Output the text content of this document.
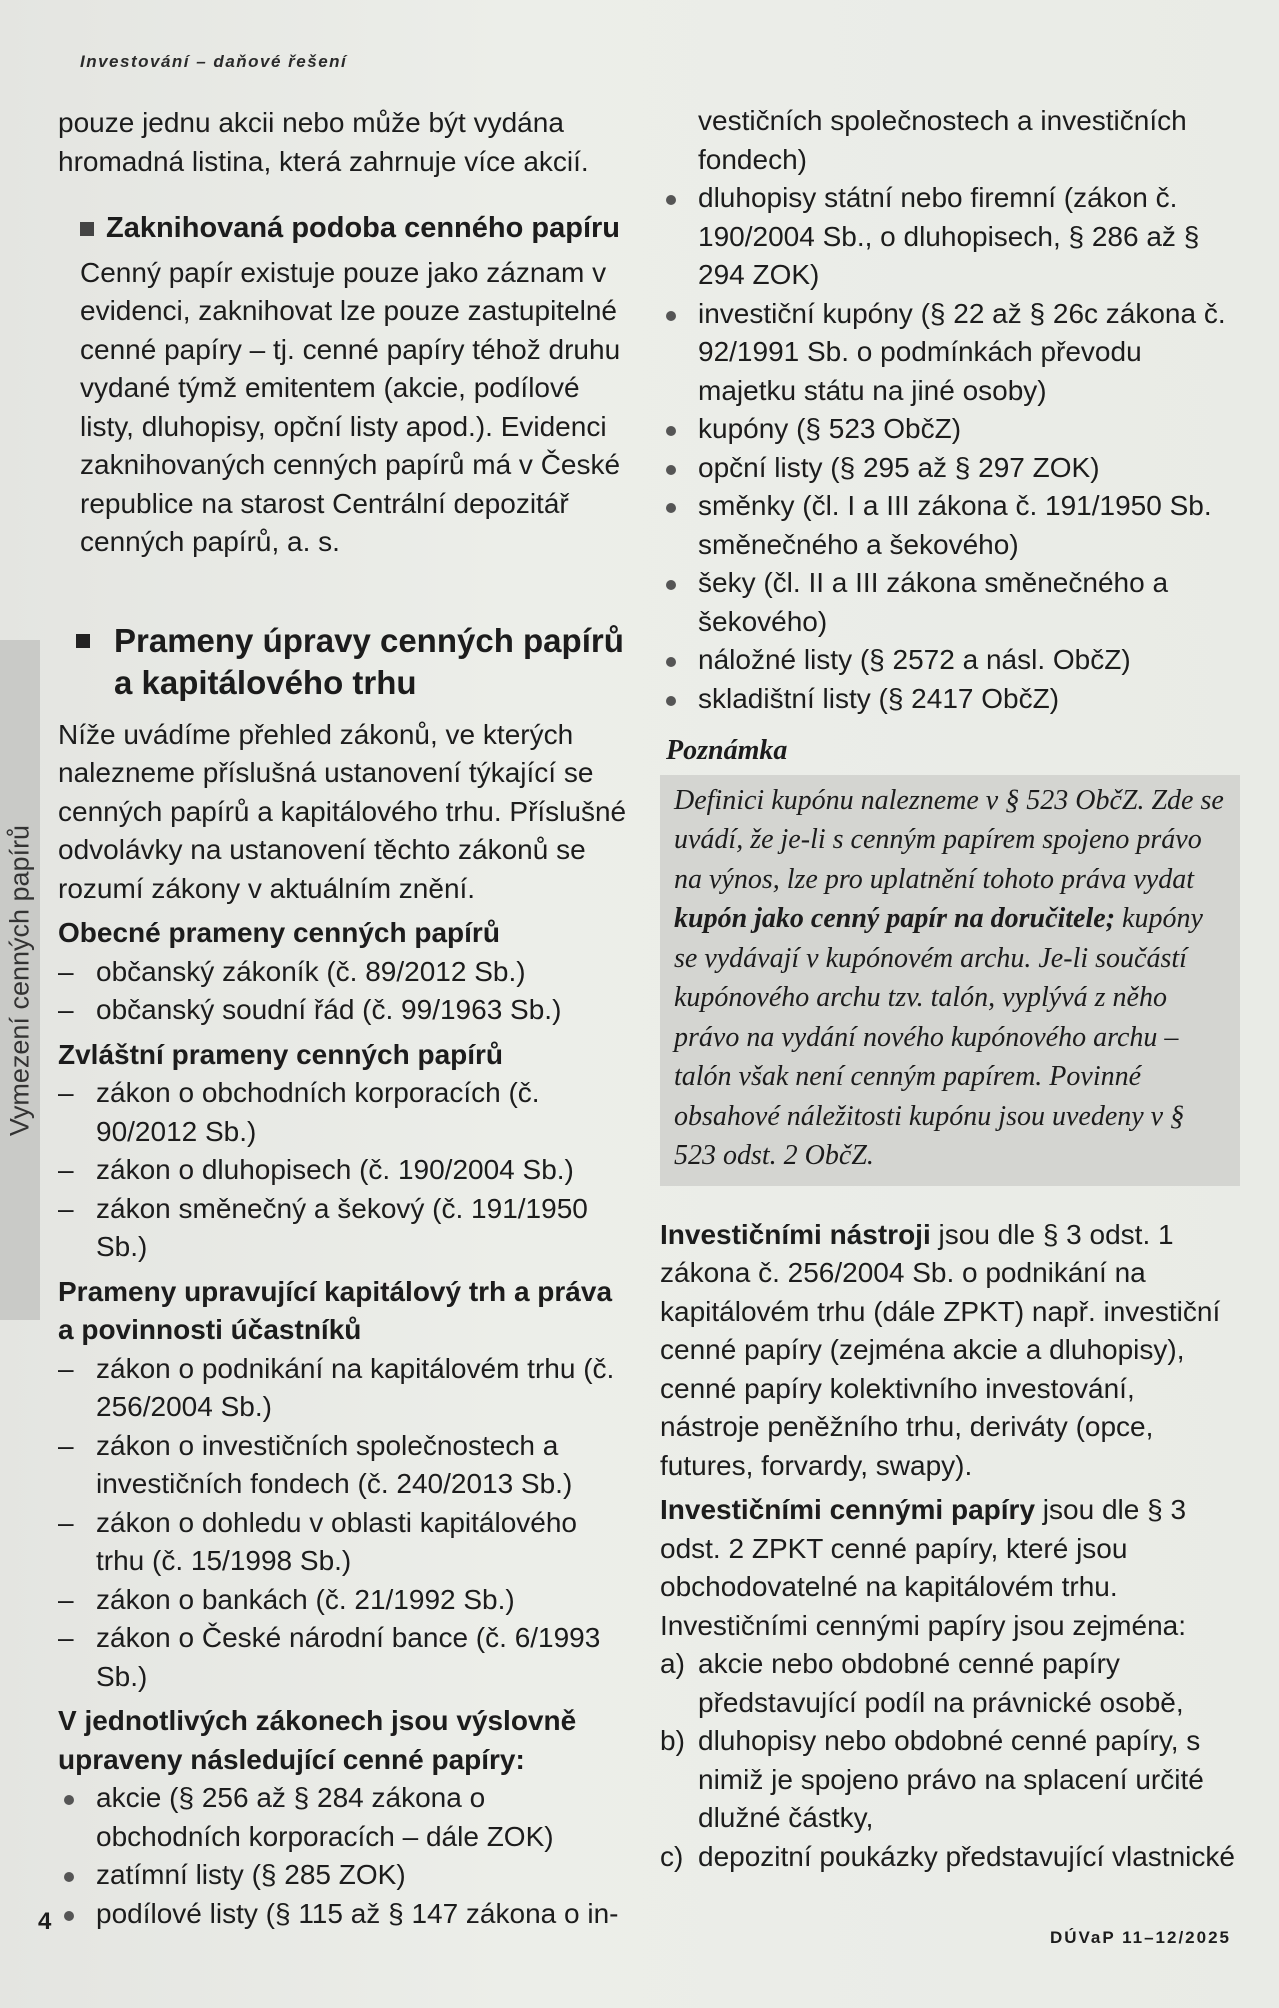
Investování – daňové řešení
Vymezení cenných papírů

pouze jednu akcii nebo může být vydána hromadná listina, která zahrnuje více akcií.

Zaknihovaná podoba cenného papíru

Cenný papír existuje pouze jako záznam v evidenci, zaknihovat lze pouze zastupitelné cenné papíry – tj. cenné papíry téhož druhu vydané týmž emitentem (akcie, podílové listy, dluhopisy, opční listy apod.). Evidenci zaknihovaných cenných papírů má v České republice na starost Centrální depozitář cenných papírů, a. s.

Prameny úpravy cenných papírů a kapitálového trhu

Níže uvádíme přehled zákonů, ve kterých nalezneme příslušná ustanovení týkající se cenných papírů a kapitálového trhu. Příslušné odvolávky na ustanovení těchto zákonů se rozumí zákony v aktuálním znění.

Obecné prameny cenných papírů
– občanský zákoník (č. 89/2012 Sb.)
– občanský soudní řád (č. 99/1963 Sb.)
Zvláštní prameny cenných papírů
– zákon o obchodních korporacích (č. 90/2012 Sb.)
– zákon o dluhopisech (č. 190/2004 Sb.)
– zákon směnečný a šekový (č. 191/1950 Sb.)
Prameny upravující kapitálový trh a práva a povinnosti účastníků
– zákon o podnikání na kapitálovém trhu (č. 256/2004 Sb.)
– zákon o investičních společnostech a investičních fondech (č. 240/2013 Sb.)
– zákon o dohledu v oblasti kapitálového trhu (č. 15/1998 Sb.)
– zákon o bankách (č. 21/1992 Sb.)
– zákon o České národní bance (č. 6/1993 Sb.)
V jednotlivých zákonech jsou výslovně upraveny následující cenné papíry:
akcie (§ 256 až § 284 zákona o obchodních korporacích – dále ZOK)
zatímní listy (§ 285 ZOK)
podílové listy (§ 115 až § 147 zákona o in-

vestičních společnostech a investičních fondech)

dluhopisy státní nebo firemní (zákon č. 190/2004 Sb., o dluhopisech, § 286 až § 294 ZOK)
investiční kupóny (§ 22 až § 26c zákona č. 92/1991 Sb. o podmínkách převodu majetku státu na jiné osoby)
kupóny (§ 523 ObčZ)
opční listy (§ 295 až § 297 ZOK)
směnky (čl. I a III zákona č. 191/1950 Sb. směnečného a šekového)
šeky (čl. II a III zákona směnečného a šekového)
náložné listy (§ 2572 a násl. ObčZ)
skladištní listy (§ 2417 ObčZ)
Poznámka
Definici kupónu nalezneme v § 523 ObčZ. Zde se uvádí, že je-li s cenným papírem spojeno právo na výnos, lze pro uplatnění tohoto práva vydat kupón jako cenný papír na doručitele; kupóny se vydávají v kupónovém archu. Je-li součástí kupónového archu tzv. talón, vyplývá z něho právo na vydání nového kupónového archu – talón však není cenným papírem. Povinné obsahové náležitosti kupónu jsou uvedeny v § 523 odst. 2 ObčZ.

Investičními nástroji jsou dle § 3 odst. 1 zákona č. 256/2004 Sb. o podnikání na kapitálovém trhu (dále ZPKT) např. investiční cenné papíry (zejména akcie a dluhopisy), cenné papíry kolektivního investování, nástroje peněžního trhu, deriváty (opce, futures, forvardy, swapy).

Investičními cennými papíry jsou dle § 3 odst. 2 ZPKT cenné papíry, které jsou obchodovatelné na kapitálovém trhu. Investičními cennými papíry jsou zejména:

a) akcie nebo obdobné cenné papíry představující podíl na právnické osobě,
b) dluhopisy nebo obdobné cenné papíry, s nimiž je spojeno právo na splacení určité dlužné částky,
c) depozitní poukázky představující vlastnické
4
DÚVaP 11–12/2025
